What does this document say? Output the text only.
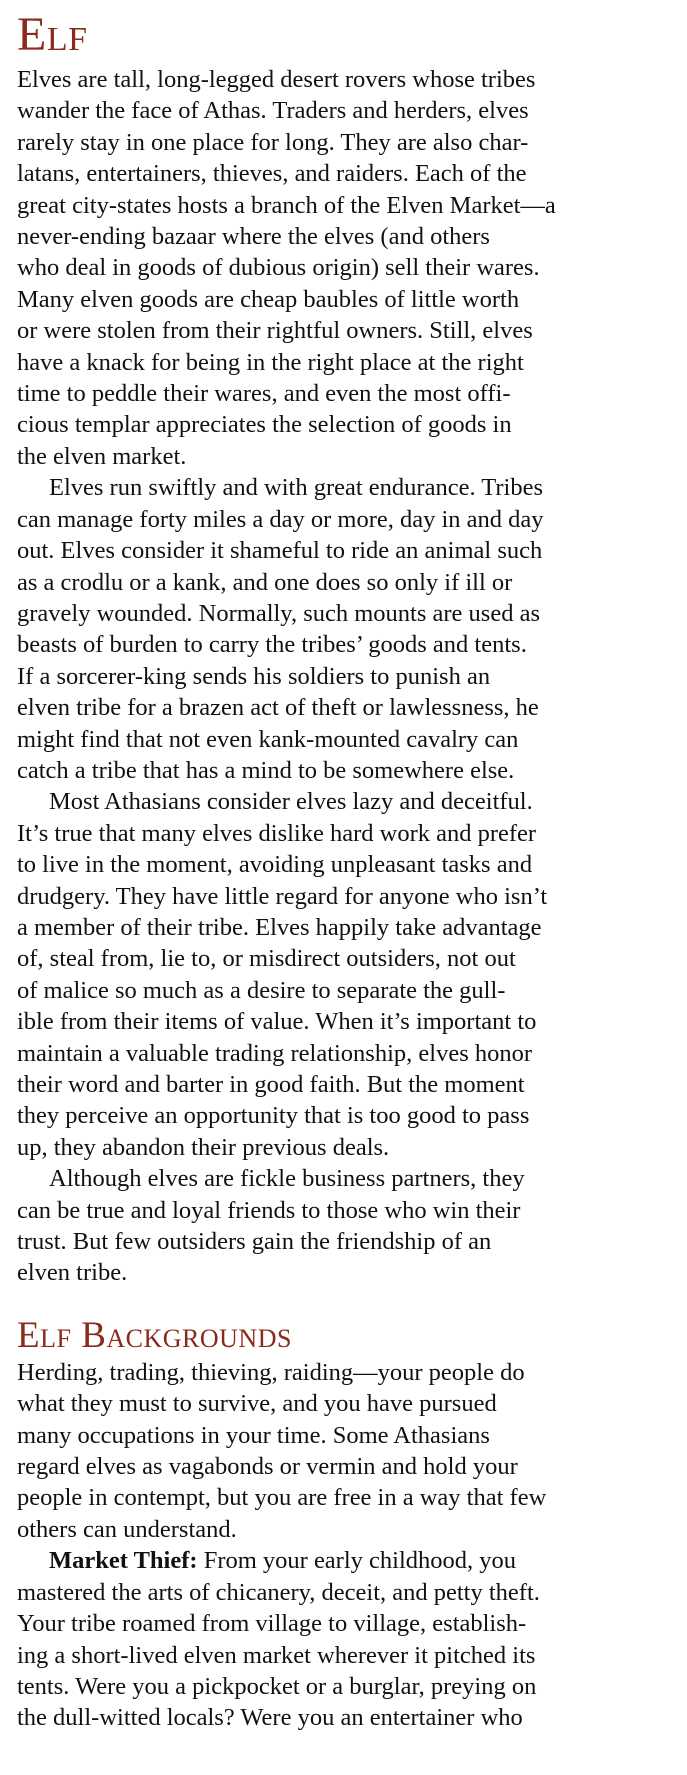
Elf
Elves are tall, long-legged desert rovers whose tribes
wander the face of Athas. Traders and herders, elves
rarely stay in one place for long. They are also char-
latans, entertainers, thieves, and raiders. Each of the
great city-states hosts a branch of the Elven Market—a
never-ending bazaar where the elves (and others
who deal in goods of dubious origin) sell their wares.
Many elven goods are cheap baubles of little worth
or were stolen from their rightful owners. Still, elves
have a knack for being in the right place at the right
time to peddle their wares, and even the most offi-
cious templar appreciates the selection of goods in
the elven market.
Elves run swiftly and with great endurance. Tribes
can manage forty miles a day or more, day in and day
out. Elves consider it shameful to ride an animal such
as a crodlu or a kank, and one does so only if ill or
gravely wounded. Normally, such mounts are used as
beasts of burden to carry the tribes’ goods and tents.
If a sorcerer-king sends his soldiers to punish an
elven tribe for a brazen act of theft or lawlessness, he
might find that not even kank-mounted cavalry can
catch a tribe that has a mind to be somewhere else.
Most Athasians consider elves lazy and deceitful.
It’s true that many elves dislike hard work and prefer
to live in the moment, avoiding unpleasant tasks and
drudgery. They have little regard for anyone who isn’t
a member of their tribe. Elves happily take advantage
of, steal from, lie to, or misdirect outsiders, not out
of malice so much as a desire to separate the gull-
ible from their items of value. When it’s important to
maintain a valuable trading relationship, elves honor
their word and barter in good faith. But the moment
they perceive an opportunity that is too good to pass
up, they abandon their previous deals.
Although elves are fickle business partners, they
can be true and loyal friends to those who win their
trust. But few outsiders gain the friendship of an
elven tribe.
Elf Backgrounds
Herding, trading, thieving, raiding—your people do
what they must to survive, and you have pursued
many occupations in your time. Some Athasians
regard elves as vagabonds or vermin and hold your
people in contempt, but you are free in a way that few
others can understand.
Market Thief: From your early childhood, you
mastered the arts of chicanery, deceit, and petty theft.
Your tribe roamed from village to village, establish-
ing a short-lived elven market wherever it pitched its
tents. Were you a pickpocket or a burglar, preying on
the dull-witted locals? Were you an entertainer who
